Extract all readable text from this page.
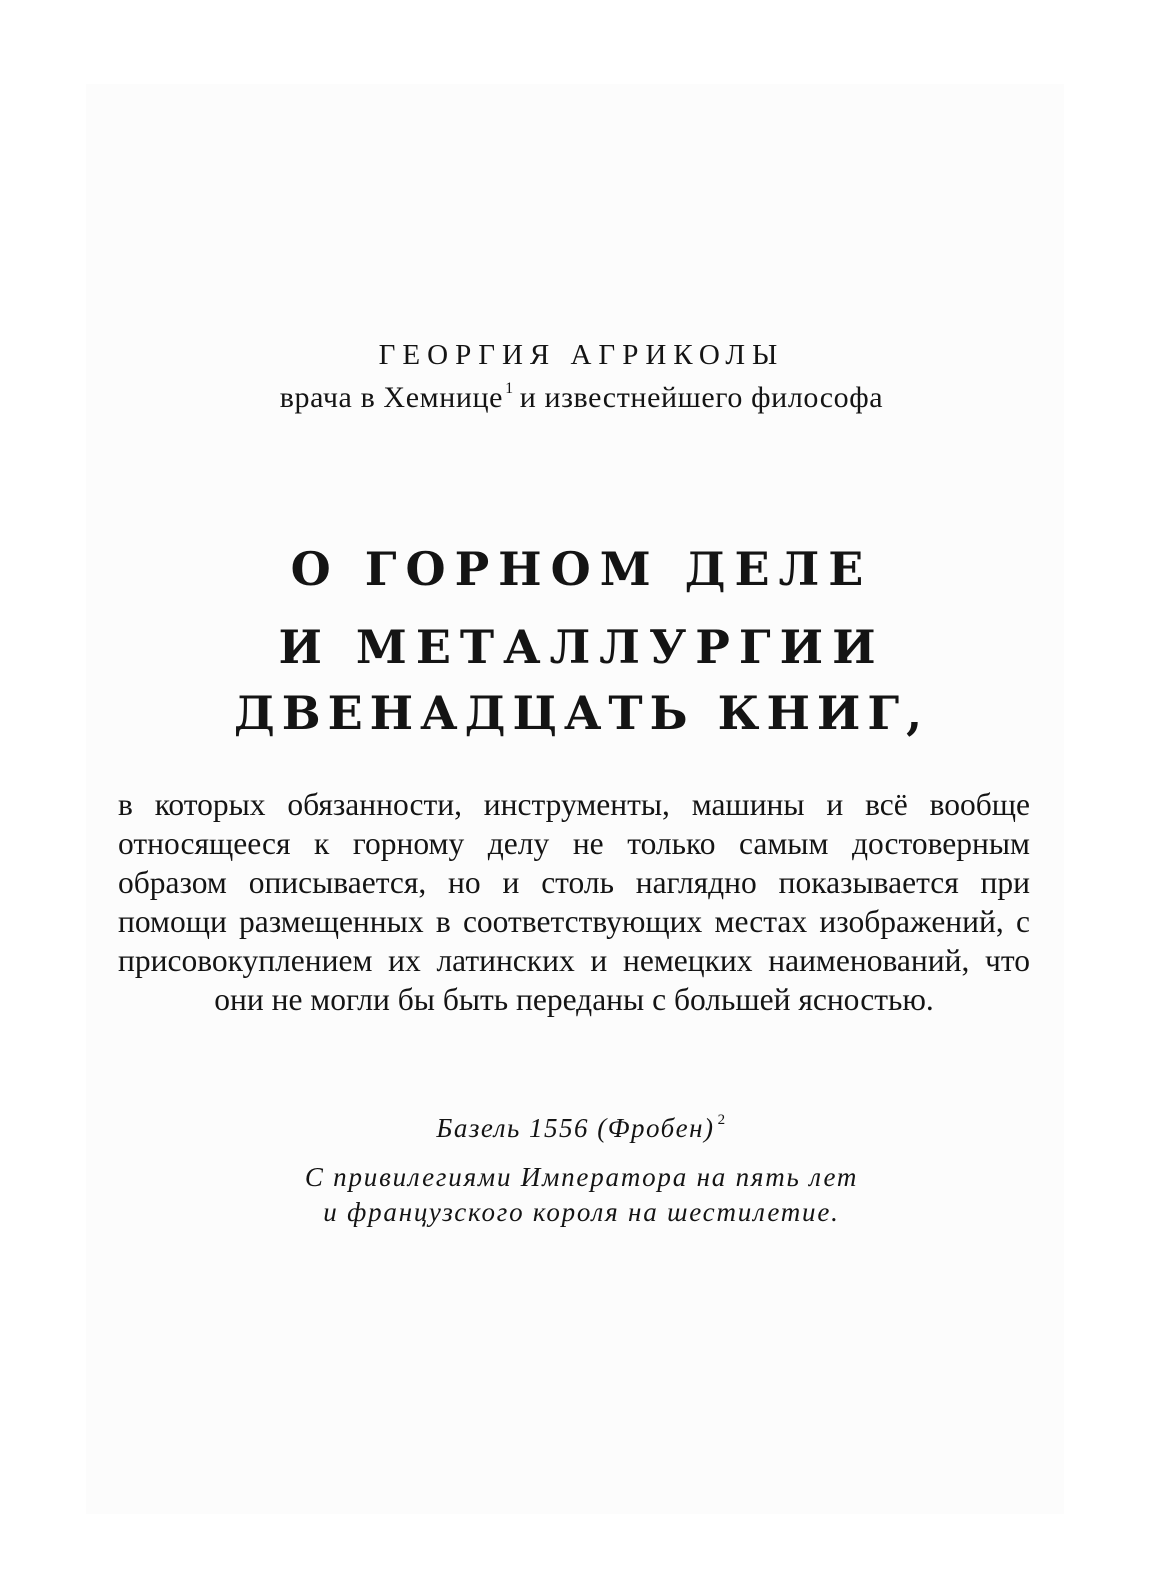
ГЕОРГИЯ АГРИКОЛЫ
врача в Хемнице $^1$ и известнейшего философа
О ГОРНОМ ДЕЛЕ
И МЕТАЛЛУРГИИ
ДВЕНАДЦАТЬ КНИГ,
в которых обязанности, инструменты, машины и всё вообще относящееся к горному делу не только самым достоверным образом описывается, но и столь наглядно показывается при помощи размещенных в соответствующих местах изображений, с присовокуплением их латинских и немецких наименований, что они не могли бы быть переданы с большей ясностью.
Базель 1556 (Фробен) $^2$
С привилегиями Императора на пять лет
и французского короля на шестилетие.
